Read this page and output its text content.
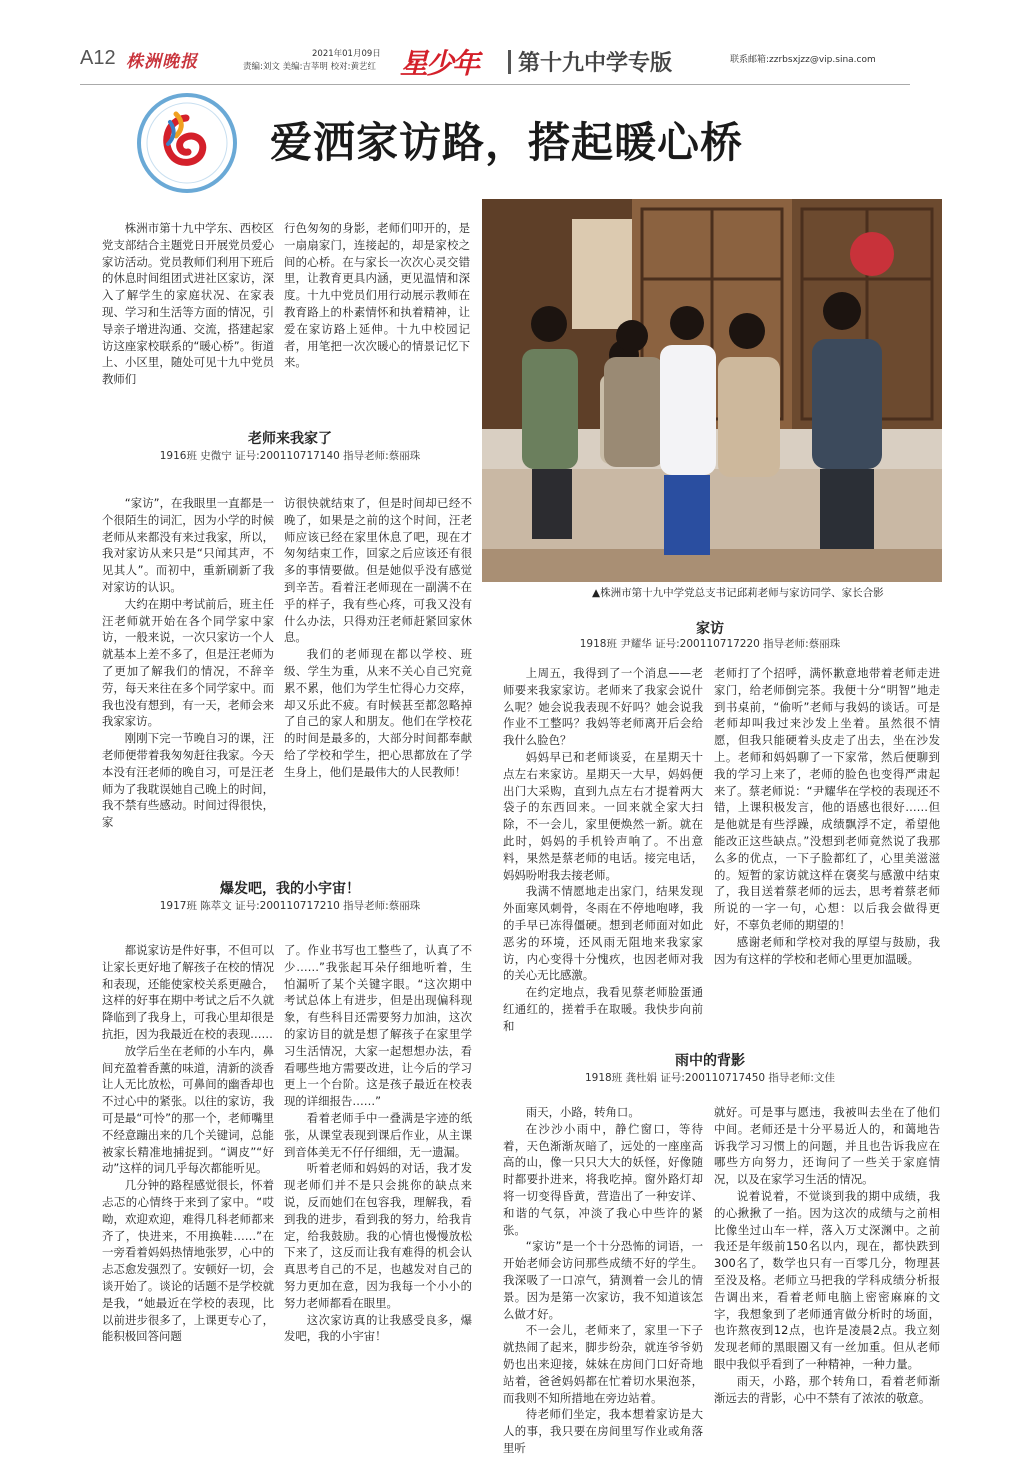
A12 株洲晚报	2021年01月09日
责编:刘文 美编:吉莘明 校对:黄艺红 星少年 第十九中学专版	联系邮箱:zzrbsxjzz@vip.sina.com
爱洒家访路，搭起暖心桥

株洲市第十九中学东、西校区党支部结合主题党日开展党员爱心家访活动。党员教师们利用下班后的休息时间组团式进社区家访，深入了解学生的家庭状况、在家表现、学习和生活等方面的情况，引导亲子增进沟通、交流，搭建起家访这座家校联系的“暖心桥”。街道上、小区里，随处可见十九中党员教师们

行色匆匆的身影，老师们叩开的，是一扇扇家门，连接起的，却是家校之间的心桥。在与家长一次次心灵交错里，让教育更具内涵，更见温情和深度。十九中党员们用行动展示教师在教育路上的朴素情怀和执着精神，让爱在家访路上延伸。十九中校园记者，用笔把一次次暖心的情景记忆下来。

▲株洲市第十九中学党总支书记邱莉老师与家访同学、家长合影
老师来我家了
1916班 史微宁 证号:200110717140 指导老师:蔡丽珠

“家访”，在我眼里一直都是一个很陌生的词汇，因为小学的时候老师从来都没有来过我家，所以，我对家访从来只是“只闻其声，不见其人”。而初中，重新刷新了我对家访的认识。

大约在期中考试前后，班主任汪老师就开始在各个同学家中家访，一般来说，一次只家访一个人就基本上差不多了，但是汪老师为了更加了解我们的情况，不辞辛劳，每天来往在多个同学家中。而我也没有想到，有一天，老师会来我家家访。

刚刚下完一节晚自习的课，汪老师便带着我匆匆赶往我家。今天本没有汪老师的晚自习，可是汪老师为了我耽误她自己晚上的时间，我不禁有些感动。时间过得很快，家

访很快就结束了，但是时间却已经不晚了，如果是之前的这个时间，汪老师应该已经在家里休息了吧，现在才匆匆结束工作，回家之后应该还有很多的事情要做。但是她似乎没有感觉到辛苦。看着汪老师现在一副满不在乎的样子，我有些心疼，可我又没有什么办法，只得劝汪老师赶紧回家休息。

我们的老师现在都以学校、班级、学生为重，从来不关心自己究竟累不累，他们为学生忙得心力交瘁，却又乐此不疲。有时候甚至都忽略掉了自己的家人和朋友。他们在学校花的时间是最多的，大部分时间都奉献给了学校和学生，把心思都放在了学生身上，他们是最伟大的人民教师！

家访
1918班 尹耀华 证号:200110717220 指导老师:蔡丽珠

上周五，我得到了一个消息——老师要来我家家访。老师来了我家会说什么呢？她会说我表现不好吗？她会说我作业不工整吗？我妈等老师离开后会给我什么脸色？

妈妈早已和老师谈妥，在星期天十点左右来家访。星期天一大早，妈妈便出门大采购，直到九点左右才提着两大袋子的东西回来。一回来就全家大扫除，不一会儿，家里便焕然一新。就在此时，妈妈的手机铃声响了。不出意料，果然是蔡老师的电话。接完电话，妈妈吩咐我去接老师。

我满不情愿地走出家门，结果发现外面寒风刺骨，冬雨在不停地咆哮，我的手早已冻得僵硬。想到老师面对如此恶劣的环境，还风雨无阻地来我家家访，内心变得十分愧疚，也因老师对我的关心无比感激。

在约定地点，我看见蔡老师脸蛋通红通红的，搓着手在取暖。我快步向前和

老师打了个招呼，满怀歉意地带着老师走进家门，给老师倒完茶。我便十分“明智”地走到书桌前，“偷听”老师与我妈的谈话。可是老师却叫我过来沙发上坐着。虽然很不情愿，但我只能硬着头皮走了出去，坐在沙发上。老师和妈妈聊了一下家常，然后便聊到我的学习上来了，老师的脸色也变得严肃起来了。蔡老师说：“尹耀华在学校的表现还不错，上课积极发言，他的语感也很好……但是他就是有些浮躁，成绩飘浮不定，希望他能改正这些缺点。”没想到老师竟然说了我那么多的优点，一下子脸都红了，心里美滋滋的。短暂的家访就这样在褒奖与感激中结束了，我目送着蔡老师的远去，思考着蔡老师所说的一字一句，心想：以后我会做得更好，不辜负老师的期望的！

感谢老师和学校对我的厚望与鼓励，我因为有这样的学校和老师心里更加温暖。

爆发吧，我的小宇宙！
1917班 陈萃文 证号:200110717210 指导老师:蔡丽珠

都说家访是件好事，不但可以让家长更好地了解孩子在校的情况和表现，还能使家校关系更融合，这样的好事在期中考试之后不久就降临到了我身上，可我心里却很是抗拒，因为我最近在校的表现……

放学后坐在老师的小车内，鼻间充盈着香薰的味道，清新的淡香让人无比放松，可鼻间的幽香却也不过心中的紧张。以往的家访，我可是最“可怜”的那一个，老师嘴里不经意蹦出来的几个关键词，总能被家长精准地捕捉到。“调皮”“好动”这样的词几乎每次都能听见。

几分钟的路程感觉很长，怀着忐忑的心情终于来到了家中。“哎呦，欢迎欢迎，难得几科老师都来齐了，快进来，不用换鞋……”在一旁看着妈妈热情地张罗，心中的忐忑愈发强烈了。安顿好一切，会谈开始了。谈论的话题不是学校就是我，“她最近在学校的表现，比以前进步很多了，上课更专心了，能积极回答问题

了。作业书写也工整些了，认真了不少……”我张起耳朵仔细地听着，生怕漏听了某个关键字眼。“这次期中考试总体上有进步，但是出现偏科现象，有些科目还需要努力加油，这次的家访目的就是想了解孩子在家里学习生活情况，大家一起想想办法，看看哪些地方需要改进，让今后的学习更上一个台阶。这是孩子最近在校表现的详细报告……”

看着老师手中一叠满是字迹的纸张，从课堂表现到课后作业，从主课到音体美无不仔仔细细，无一遗漏。

听着老师和妈妈的对话，我才发现老师们并不是只会挑你的缺点来说，反而她们在包容我，理解我，看到我的进步，看到我的努力，给我肯定，给我鼓励。我的心情也慢慢放松下来了，这反而让我有难得的机会认真思考自己的不足，也越发对自己的努力更加在意，因为我每一个小小的努力老师都看在眼里。

这次家访真的让我感受良多，爆发吧，我的小宇宙！

雨中的背影
1918班 龚杜娟 证号:200110717450 指导老师:文佳

雨天，小路，转角口。

在沙沙小雨中，静伫窗口，等待着，天色渐渐灰暗了，远处的一座座高高的山，像一只只大大的妖怪，好像随时都要扑进来，将我吃掉。窗外路灯却将一切变得昏黄，营造出了一种安详、和谐的气氛，冲淡了我心中些许的紧张。

“家访”是一个十分恐怖的词语，一开始老师会访问那些成绩不好的学生。我深吸了一口凉气，猜测着一会儿的情景。因为是第一次家访，我不知道该怎么做才好。

不一会儿，老师来了，家里一下子就热闹了起来，脚步纷杂，就连爷爷奶奶也出来迎接，妹妹在房间门口好奇地站着，爸爸妈妈都在忙着切水果泡茶，而我则不知所措地在旁边站着。

待老师们坐定，我本想着家访是大人的事，我只要在房间里写作业或角落里听

就好。可是事与愿违，我被叫去坐在了他们中间。老师还是十分平易近人的，和蔼地告诉我学习习惯上的问题，并且也告诉我应在哪些方向努力，还询问了一些关于家庭情况，以及在家学习生活的情况。

说着说着，不觉谈到我的期中成绩，我的心揪揪了一掐。因为这次的成绩与之前相比像坐过山车一样，落入万丈深渊中。之前我还是年级前150名以内，现在，都快跌到300名了，数学也只有一百零几分，物理甚至没及格。老师立马把我的学科成绩分析报告调出来，看着老师电脑上密密麻麻的文字，我想象到了老师通宵做分析时的场面，也许熬夜到12点，也许是凌晨2点。我立刻发现老师的黑眼圈又有一丝加重。但从老师眼中我似乎看到了一种精神，一种力量。

雨天，小路，那个转角口，看着老师渐渐远去的背影，心中不禁有了浓浓的敬意。
